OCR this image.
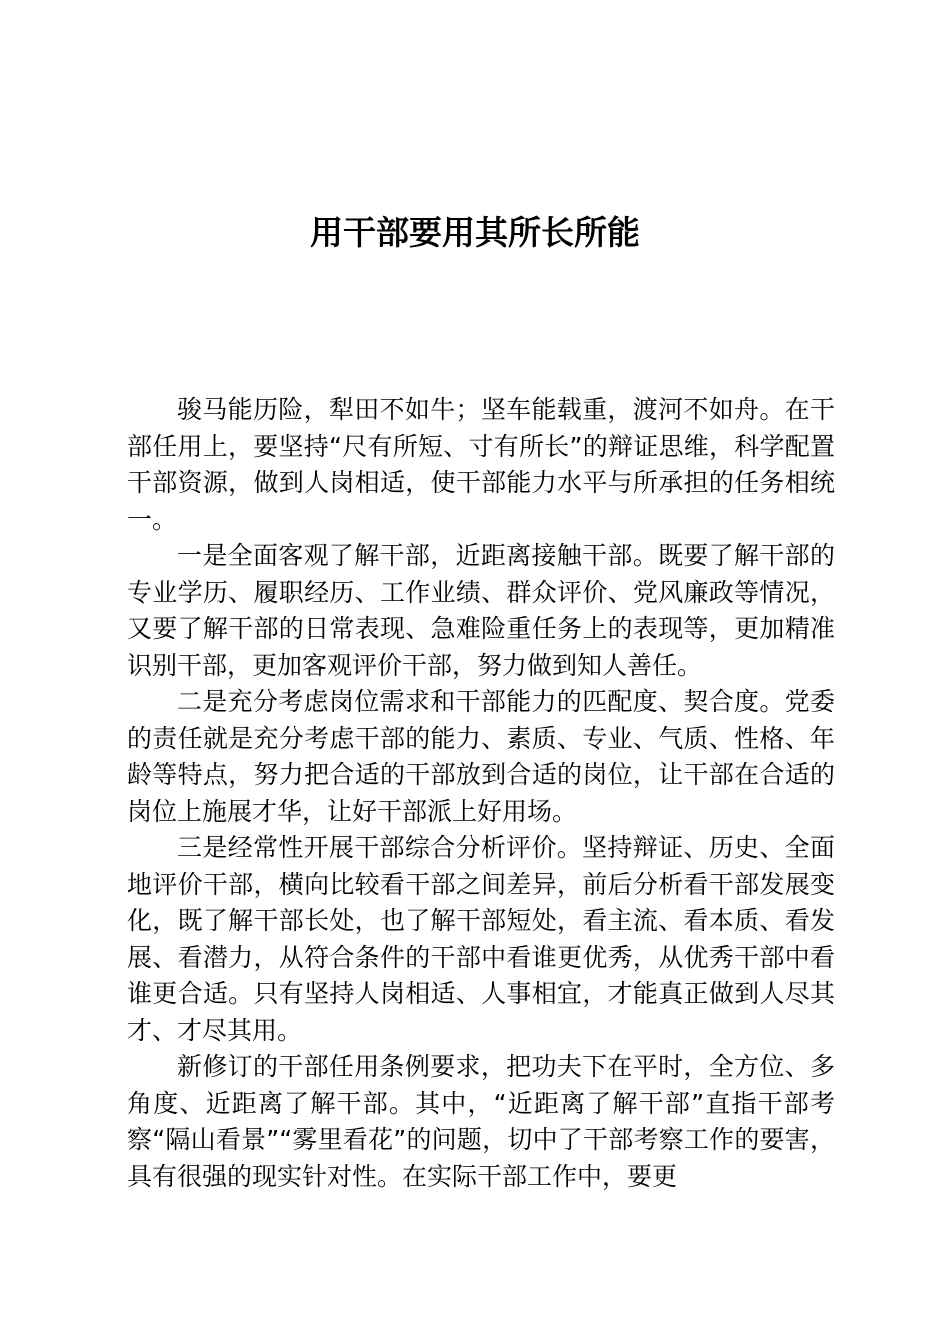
用干部要用其所长所能

骏马能历险，犁田不如牛；坚车能载重，渡河不如舟。在干部任用上，要坚持“尺有所短、寸有所长”的辩证思维，科学配置干部资源，做到人岗相适，使干部能力水平与所承担的任务相统一。

一是全面客观了解干部，近距离接触干部。既要了解干部的专业学历、履职经历、工作业绩、群众评价、党风廉政等情况，又要了解干部的日常表现、急难险重任务上的表现等，更加精准识别干部，更加客观评价干部，努力做到知人善任。

二是充分考虑岗位需求和干部能力的匹配度、契合度。党委的责任就是充分考虑干部的能力、素质、专业、气质、性格、年龄等特点，努力把合适的干部放到合适的岗位，让干部在合适的岗位上施展才华，让好干部派上好用场。

三是经常性开展干部综合分析评价。坚持辩证、历史、全面地评价干部，横向比较看干部之间差异，前后分析看干部发展变化，既了解干部长处，也了解干部短处，看主流、看本质、看发展、看潜力，从符合条件的干部中看谁更优秀，从优秀干部中看谁更合适。只有坚持人岗相适、人事相宜，才能真正做到人尽其才、才尽其用。

新修订的干部任用条例要求，把功夫下在平时，全方位、多角度、近距离了解干部。其中，“近距离了解干部”直指干部考察“隔山看景”“雾里看花”的问题，切中了干部考察工作的要害，具有很强的现实针对性。在实际干部工作中，要更
